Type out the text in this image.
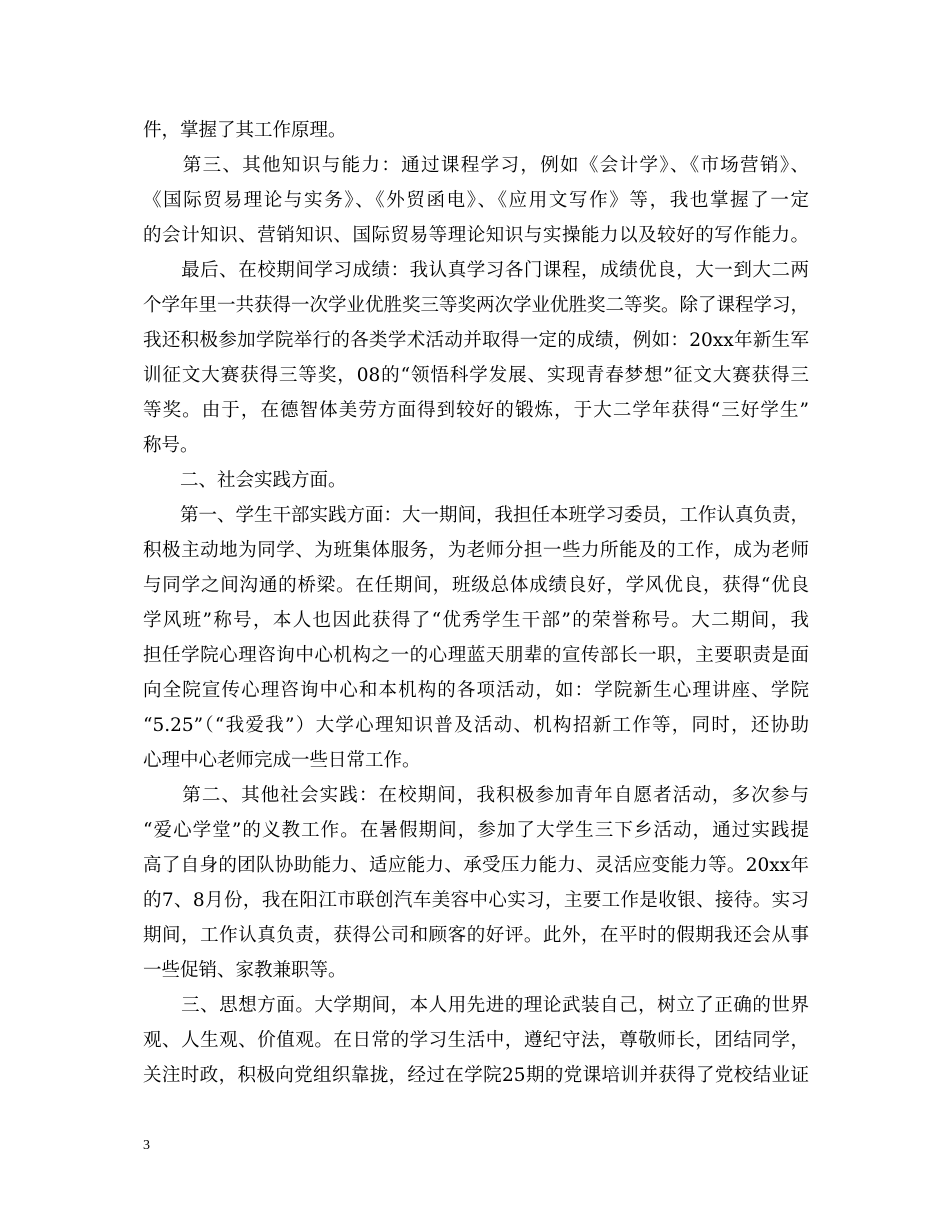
件，掌握了其工作原理。
　　第三、其他知识与能力：通过课程学习，例如《会计学》、《市场营销》、
《国际贸易理论与实务》、《外贸函电》、《应用文写作》等，我也掌握了一定
的会计知识、营销知识、国际贸易等理论知识与实操能力以及较好的写作能力。
　　最后、在校期间学习成绩：我认真学习各门课程，成绩优良，大一到大二两
个学年里一共获得一次学业优胜奖三等奖两次学业优胜奖二等奖。除了课程学习，
我还积极参加学院举行的各类学术活动并取得一定的成绩，例如：20xx年新生军
训征文大赛获得三等奖，08的“领悟科学发展、实现青春梦想”征文大赛获得三
等奖。由于，在德智体美劳方面得到较好的锻炼，于大二学年获得“三好学生”
称号。
　　二、社会实践方面。
　　第一、学生干部实践方面：大一期间，我担任本班学习委员，工作认真负责，
积极主动地为同学、为班集体服务，为老师分担一些力所能及的工作，成为老师
与同学之间沟通的桥梁。在任期间，班级总体成绩良好，学风优良，获得“优良
学风班”称号，本人也因此获得了“优秀学生干部”的荣誉称号。大二期间，我
担任学院心理咨询中心机构之一的心理蓝天朋辈的宣传部长一职，主要职责是面
向全院宣传心理咨询中心和本机构的各项活动，如：学院新生心理讲座、学院
“5.25”（“我爱我”）大学心理知识普及活动、机构招新工作等，同时，还协助
心理中心老师完成一些日常工作。
　　第二、其他社会实践：在校期间，我积极参加青年自愿者活动，多次参与
“爱心学堂”的义教工作。在暑假期间，参加了大学生三下乡活动，通过实践提
高了自身的团队协助能力、适应能力、承受压力能力、灵活应变能力等。20xx年
的7、8月份，我在阳江市联创汽车美容中心实习，主要工作是收银、接待。实习
期间，工作认真负责，获得公司和顾客的好评。此外，在平时的假期我还会从事
一些促销、家教兼职等。
　　三、思想方面。大学期间，本人用先进的理论武装自己，树立了正确的世界
观、人生观、价值观。在日常的学习生活中，遵纪守法，尊敬师长，团结同学，
关注时政，积极向党组织靠拢，经过在学院25期的党课培训并获得了党校结业证
3
